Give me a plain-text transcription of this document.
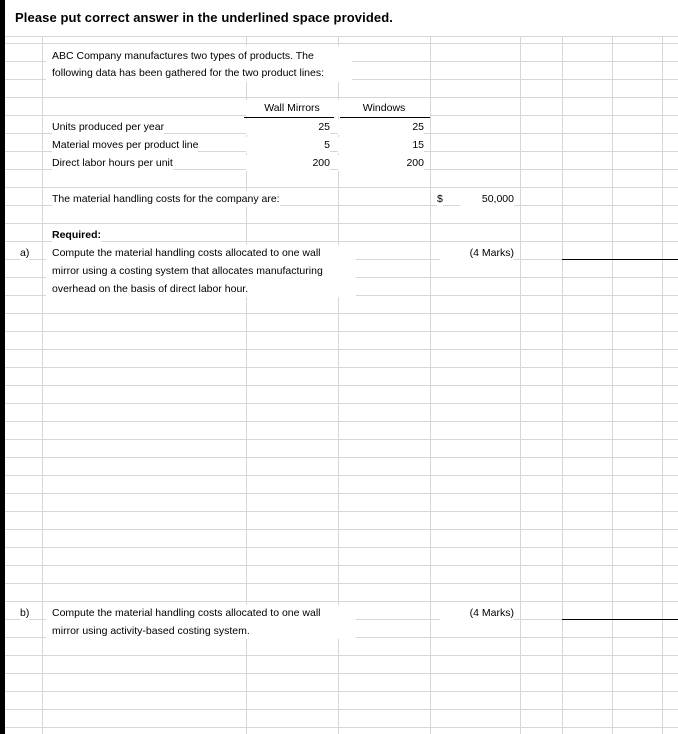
Please put correct answer in the underlined space provided.
ABC Company manufactures two types of products. The
following data has been gathered for the two product lines:
Wall Mirrors	Windows
Units produced per year	25	25
Material moves per product line	5	15
Direct labor hours per unit	200	200
The material handling costs for the company are:	$	50,000
Required:
a) Compute the material handling costs allocated to one wall
mirror using a costing system that allocates manufacturing
overhead on the basis of direct labor hour.
(4 Marks)
b) Compute the material handling costs allocated to one wall
mirror using activity-based costing system.
(4 Marks)
